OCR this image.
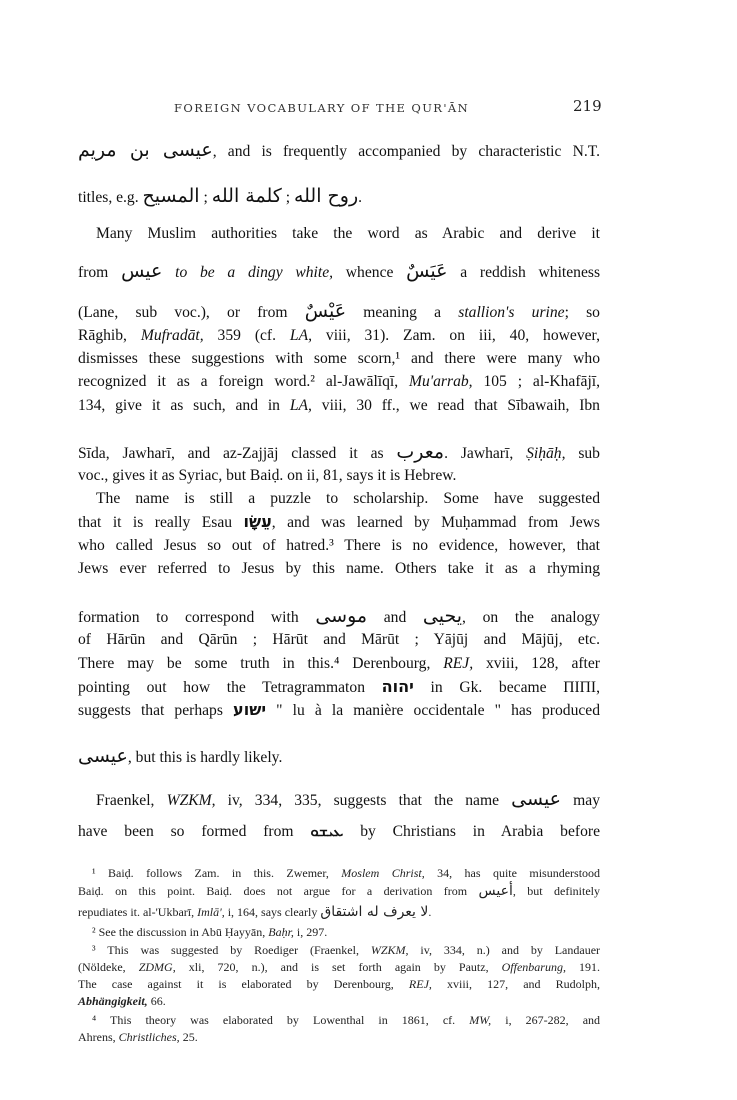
FOREIGN VOCABULARY OF THE QUR'ĀN	219
عيسى بن مريم, and is frequently accompanied by characteristic N.T.
titles, e.g. المسيح ; كلمة الله ; روح الله.
Many Muslim authorities take the word as Arabic and derive it
from عيس to be a dingy white, whence عَيَسٌ a reddish whiteness
(Lane, sub voc.), or from عَيْسٌ meaning a stallion's urine; so
Rāghib, Mufradāt, 359 (cf. LA, viii, 31). Zam. on iii, 40, however,
dismisses these suggestions with some scorn,¹ and there were many who
recognized it as a foreign word.² al-Jawālīqī, Mu'arrab, 105 ; al-Khafājī,
134, give it as such, and in LA, viii, 30 ff., we read that Sībawaih, Ibn
Sīda, Jawharī, and az-Zajjāj classed it as معرب. Jawharī, Ṣiḥāḥ, sub
voc., gives it as Syriac, but Baiḍ. on ii, 81, says it is Hebrew.
The name is still a puzzle to scholarship. Some have suggested
that it is really Esau עֵשָׂו, and was learned by Muḥammad from Jews
who called Jesus so out of hatred.³ There is no evidence, however, that
Jews ever referred to Jesus by this name. Others take it as a rhyming
formation to correspond with موسى and يحيى, on the analogy
of Hārūn and Qārūn ; Hārūt and Mārūt ; Yājūj and Mājūj, etc.
There may be some truth in this.⁴ Derenbourg, REJ, xviii, 128, after
pointing out how the Tetragrammaton יהוה in Gk. became ΠΙΠΙ,
suggests that perhaps ישוע " lu à la manière occidentale " has produced
عيسى, but this is hardly likely.
Fraenkel, WZKM, iv, 334, 335, suggests that the name عيسى may
have been so formed from ܥܝܫܘ by Christians in Arabia before
¹ Baiḍ. follows Zam. in this. Zwemer, Moslem Christ, 34, has quite misunderstood
Baiḍ. on this point. Baiḍ. does not argue for a derivation from أعيس, but definitely
repudiates it. al-'Ukbarī, Imlā', i, 164, says clearly لا يعرف له اشتقاق.
² See the discussion in Abū Ḥayyān, Baḥr, i, 297.
³ This was suggested by Roediger (Fraenkel, WZKM, iv, 334, n.) and by Landauer
(Nöldeke, ZDMG, xli, 720, n.), and is set forth again by Pautz, Offenbarung, 191.
The case against it is elaborated by Derenbourg, REJ, xviii, 127, and Rudolph,
Abhängigkeit, 66.
⁴ This theory was elaborated by Lowenthal in 1861, cf. MW, i, 267-282, and
Ahrens, Christliches, 25.
